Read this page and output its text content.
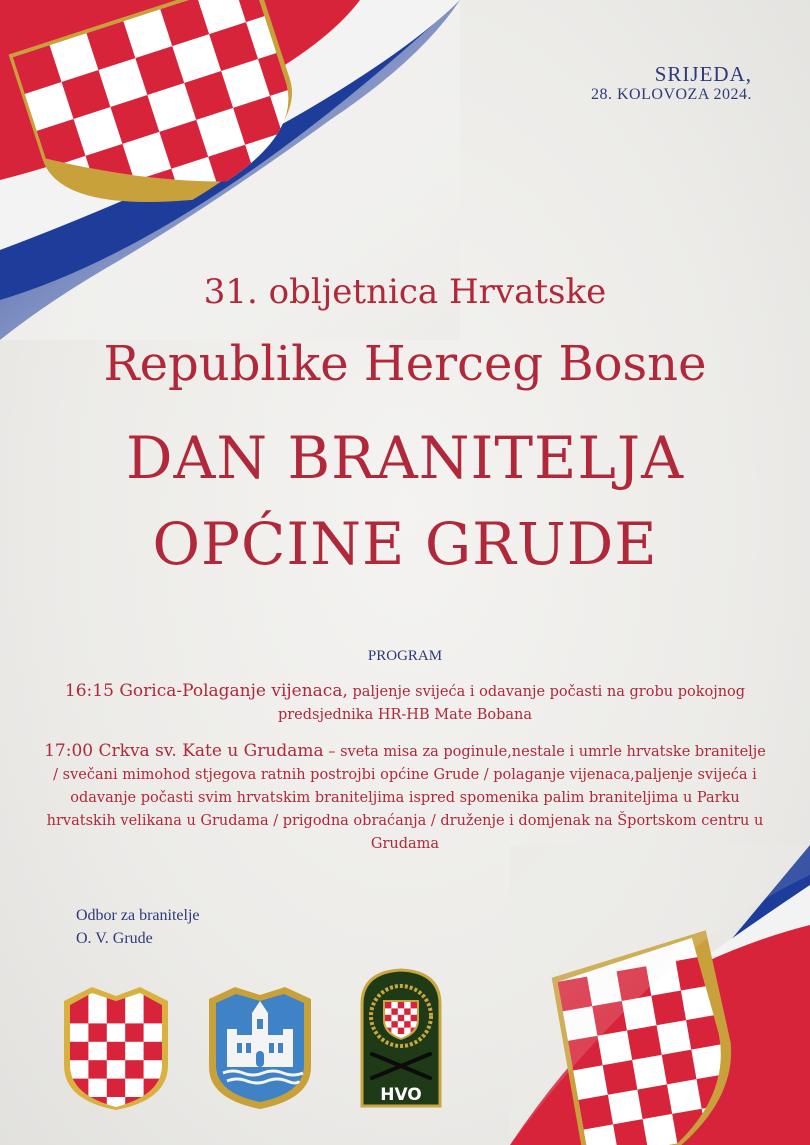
SRIJEDA,
28. KOLOVOZA 2024.
31. obljetnica Hrvatske
Republike Herceg Bosne
DAN BRANITELJA
OPĆINE GRUDE
PROGRAM
16:15 Gorica-Polaganje vijenaca, paljenje svijeća i odavanje počasti na grobu pokojnog predsjednika HR-HB Mate Bobana
17:00 Crkva sv. Kate u Grudama – sveta misa za poginule,nestale i umrle hrvatske branitelje / svečani mimohod stjegova ratnih postrojbi općine Grude / polaganje vijenaca,paljenje svijeća i odavanje počasti svim hrvatskim braniteljima ispred spomenika palim braniteljima u Parku hrvatskih velikana u Grudama / prigodna obraćanja / druženje i domjenak na Športskom centru u Grudama
Odbor za branitelje
O. V. Grude
HVO
